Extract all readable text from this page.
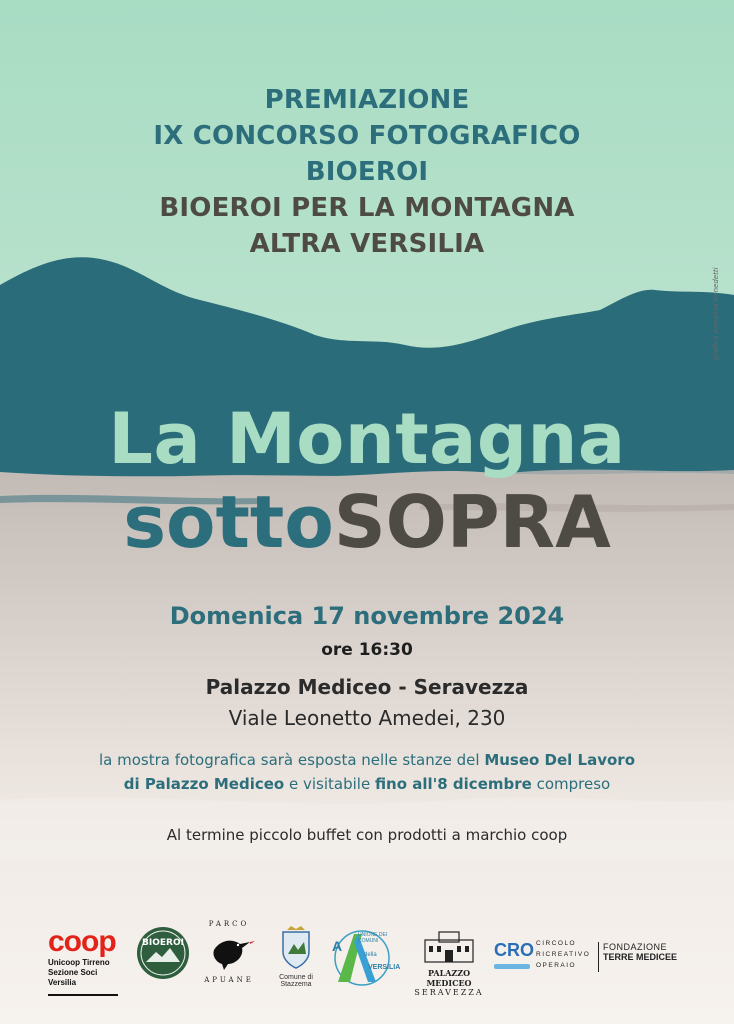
PREMIAZIONE
IX CONCORSO FOTOGRAFICO
BIOEROI
BIOEROI PER LA MONTAGNA
ALTRA VERSILIA
grafica Annalisa Benedetti
La Montagna
sottoSOPRA
Domenica 17 novembre 2024
ore 16:30
Palazzo Mediceo - Seravezza
Viale Leonetto Amedei, 230
la mostra fotografica sarà esposta nelle stanze del Museo Del Lavoro
di Palazzo Mediceo e visitabile fino all'8 dicembre compreso
Al termine piccolo buffet con prodotti a marchio coop
coop
Unicoop Tirreno
Sezione Soci
Versilia
BIOEROI
PARCO
APUANE	Comune di
Stazzema
UNIONE DEI COMUNI
A
della
VERSILIA
PALAZZO MEDICEO
SERAVEZZA
CRO CIRCOLO
RICREATIVO
OPERAIO
FONDAZIONE
TERRE MEDICEE
